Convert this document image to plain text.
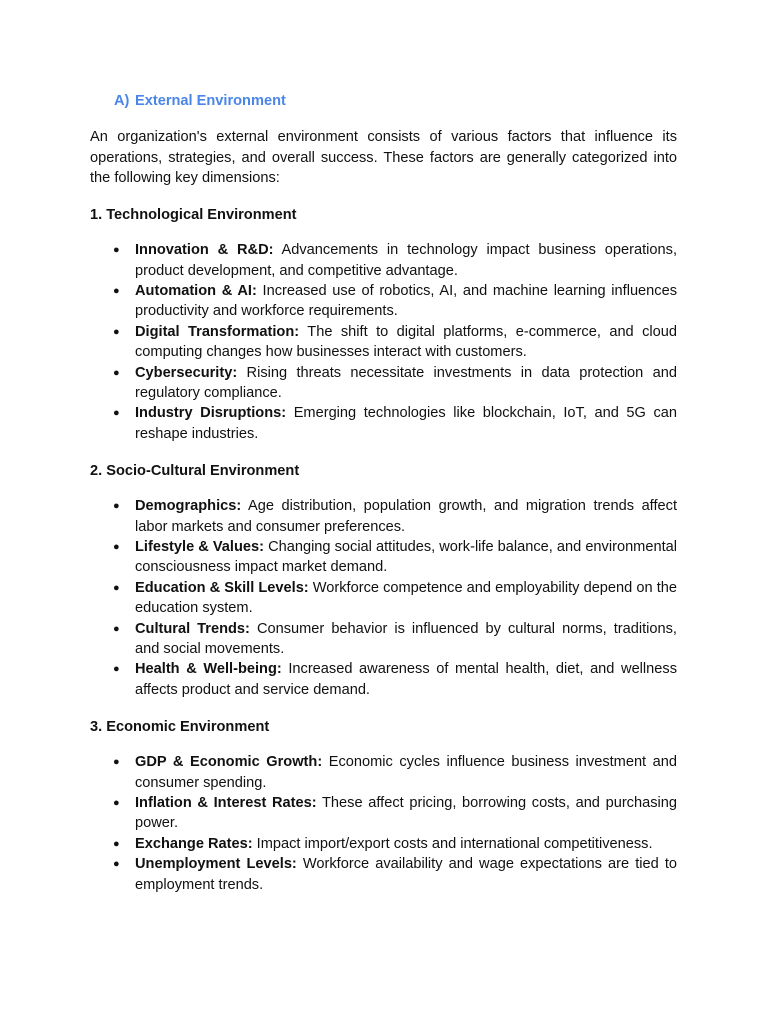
A) External Environment

An organization's external environment consists of various factors that influence its operations, strategies, and overall success. These factors are generally categorized into the following key dimensions:

1. Technological Environment
● Innovation & R&D: Advancements in technology impact business operations, product development, and competitive advantage.
● Automation & AI: Increased use of robotics, AI, and machine learning influences productivity and workforce requirements.
● Digital Transformation: The shift to digital platforms, e-commerce, and cloud computing changes how businesses interact with customers.
● Cybersecurity: Rising threats necessitate investments in data protection and regulatory compliance.
● Industry Disruptions: Emerging technologies like blockchain, IoT, and 5G can reshape industries.
2. Socio-Cultural Environment
● Demographics: Age distribution, population growth, and migration trends affect labor markets and consumer preferences.
● Lifestyle & Values: Changing social attitudes, work-life balance, and environmental consciousness impact market demand.
● Education & Skill Levels: Workforce competence and employability depend on the education system.
● Cultural Trends: Consumer behavior is influenced by cultural norms, traditions, and social movements.
● Health & Well-being: Increased awareness of mental health, diet, and wellness affects product and service demand.
3. Economic Environment
● GDP & Economic Growth: Economic cycles influence business investment and consumer spending.
● Inflation & Interest Rates: These affect pricing, borrowing costs, and purchasing power.
● Exchange Rates: Impact import/export costs and international competitiveness.
● Unemployment Levels: Workforce availability and wage expectations are tied to employment trends.
